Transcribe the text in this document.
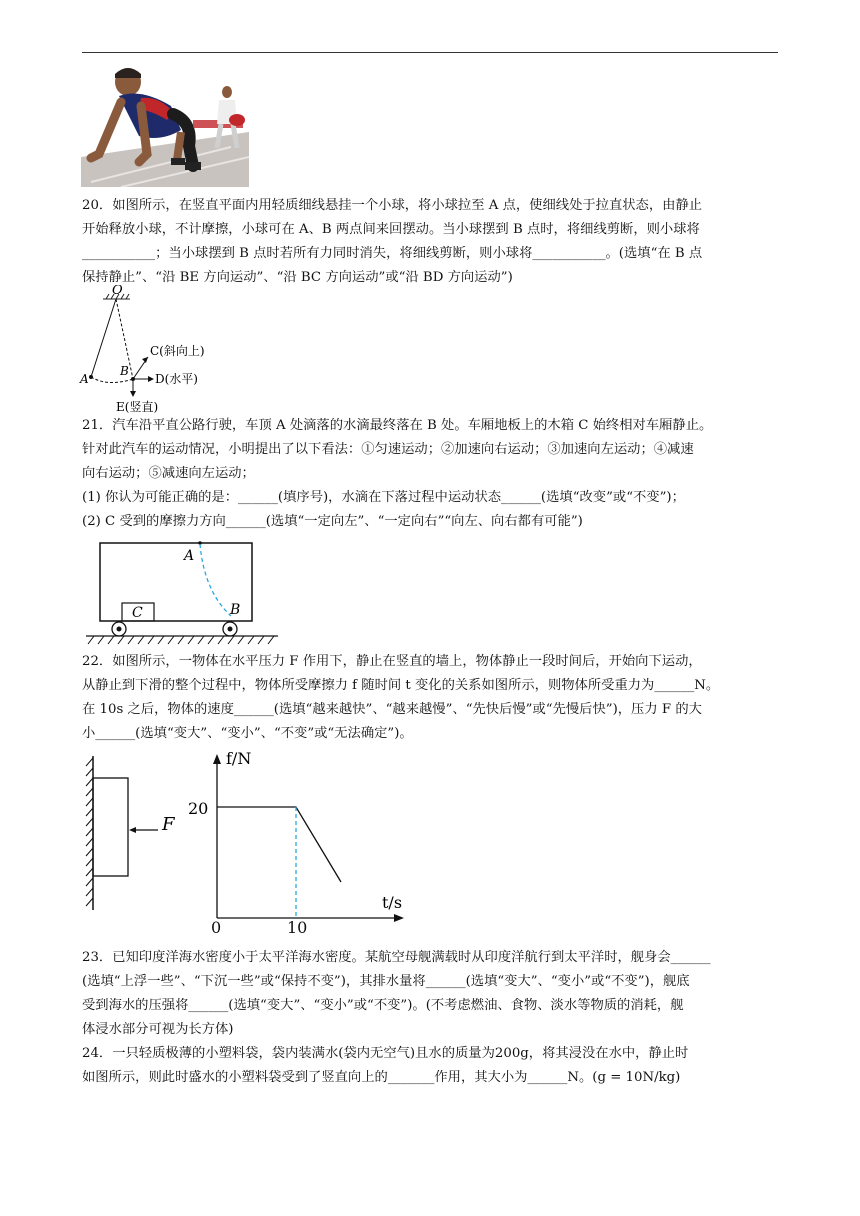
20．如图所示，在竖直平面内用轻质细线悬挂一个小球，将小球拉至 A 点，使细线处于拉直状态，由静止
开始释放小球，不计摩擦，小球可在 A、B 两点间来回摆动。当小球摆到 B 点时，将细线剪断，则小球将
___________；当小球摆到 B 点时若所有力同时消失，将细线剪断，则小球将___________。(选填“在 B 点
保持静止”、“沿 BE 方向运动”、“沿 BC 方向运动”或“沿 BD 方向运动”)
O
A
B
C(斜向上)
D(水平)
E(竖直)
21．汽车沿平直公路行驶，车顶 A 处滴落的水滴最终落在 B 处。车厢地板上的木箱 C 始终相对车厢静止。
针对此汽车的运动情况，小明提出了以下看法：①匀速运动；②加速向右运动；③加速向左运动；④减速
向右运动；⑤减速向左运动；
(1) 你认为可能正确的是：______(填序号)，水滴在下落过程中运动状态______(选填“改变”或“不变”)；
(2) C 受到的摩擦力方向______(选填“一定向左”、“一定向右”“向左、向右都有可能”)
A
B
C
22．如图所示，一物体在水平压力 F 作用下，静止在竖直的墙上，物体静止一段时间后，开始向下运动，
从静止到下滑的整个过程中，物体所受摩擦力 f 随时间 t 变化的关系如图所示，则物体所受重力为______N。
在 10s 之后，物体的速度______(选填“越来越快”、“越来越慢”、“先快后慢”或“先慢后快”)，压力 F 的大
小______(选填“变大”、“变小”、“不变”或“无法确定”)。
F
f/N
t/s
20
0	10
23．已知印度洋海水密度小于太平洋海水密度。某航空母舰满载时从印度洋航行到太平洋时，舰身会______
(选填“上浮一些”、“下沉一些”或“保持不变”)，其排水量将______(选填“变大”、“变小”或“不变”)，舰底
受到海水的压强将______(选填“变大”、“变小”或“不变”)。(不考虑燃油、食物、淡水等物质的消耗，舰
体浸水部分可视为长方体)
24．一只轻质极薄的小塑料袋，袋内装满水(袋内无空气)且水的质量为200g，将其浸没在水中，静止时
如图所示，则此时盛水的小塑料袋受到了竖直向上的_______作用，其大小为______N。(g = 10N/kg)
